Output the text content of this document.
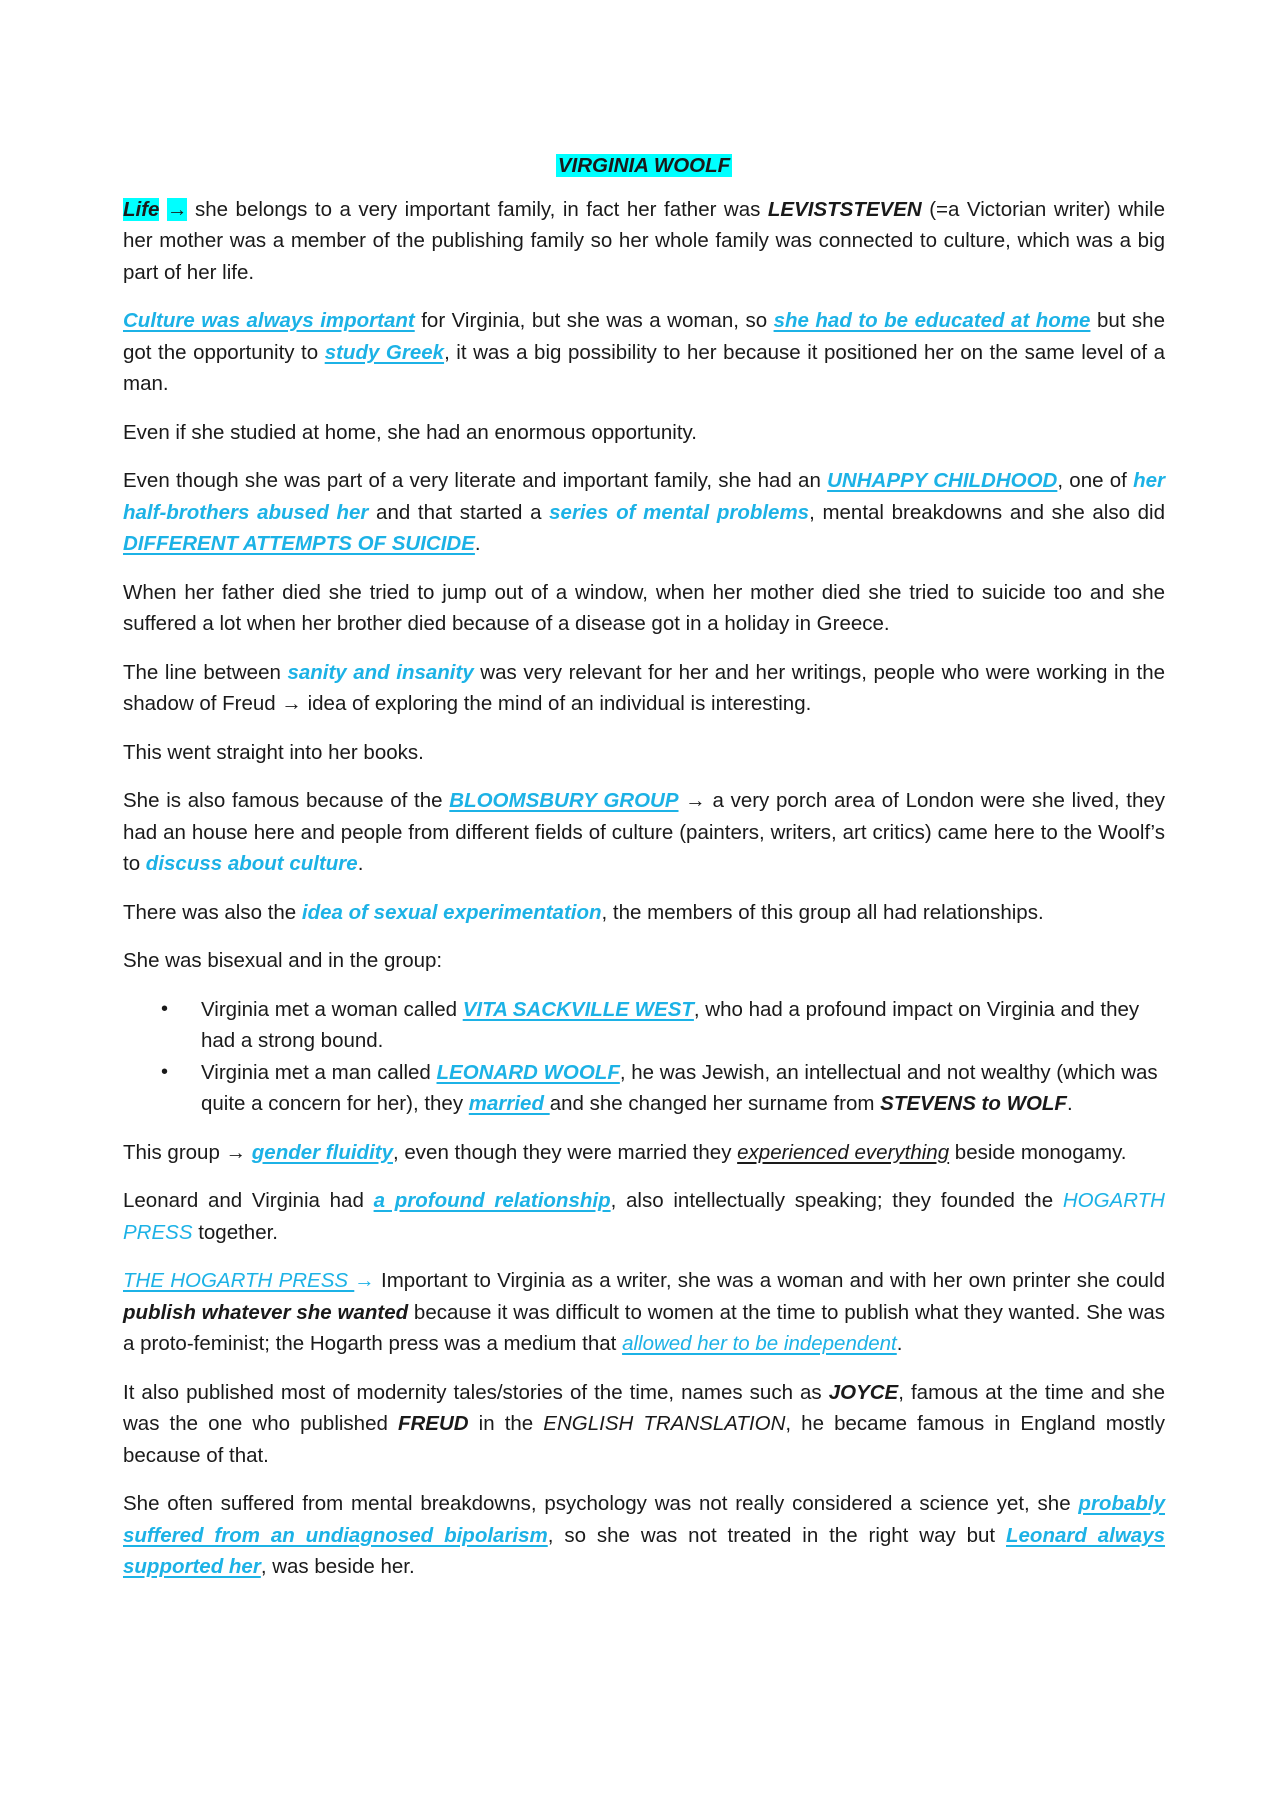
VIRGINIA WOOLF

Life → she belongs to a very important family, in fact her father was LEVISTSTEVEN (=a Victorian writer) while her mother was a member of the publishing family so her whole family was connected to culture, which was a big part of her life.

Culture was always important for Virginia, but she was a woman, so she had to be educated at home but she got the opportunity to study Greek, it was a big possibility to her because it positioned her on the same level of a man.

Even if she studied at home, she had an enormous opportunity.

Even though she was part of a very literate and important family, she had an UNHAPPY CHILDHOOD, one of her half-brothers abused her and that started a series of mental problems, mental breakdowns and she also did DIFFERENT ATTEMPTS OF SUICIDE.

When her father died she tried to jump out of a window, when her mother died she tried to suicide too and she suffered a lot when her brother died because of a disease got in a holiday in Greece.

The line between sanity and insanity was very relevant for her and her writings, people who were working in the shadow of Freud → idea of exploring the mind of an individual is interesting.

This went straight into her books.

She is also famous because of the BLOOMSBURY GROUP → a very porch area of London were she lived, they had an house here and people from different fields of culture (painters, writers, art critics) came here to the Woolf’s to discuss about culture.

There was also the idea of sexual experimentation, the members of this group all had relationships.

She was bisexual and in the group:

• Virginia met a woman called VITA SACKVILLE WEST, who had a profound impact on Virginia and they had a strong bound.
• Virginia met a man called LEONARD WOOLF, he was Jewish, an intellectual and not wealthy (which was quite a concern for her), they married and she changed her surname from STEVENS to WOLF.

This group → gender fluidity, even though they were married they experienced everything beside monogamy.

Leonard and Virginia had a profound relationship, also intellectually speaking; they founded the HOGARTH PRESS together.

THE HOGARTH PRESS → Important to Virginia as a writer, she was a woman and with her own printer she could publish whatever she wanted because it was difficult to women at the time to publish what they wanted. She was a proto-feminist; the Hogarth press was a medium that allowed her to be independent.

It also published most of modernity tales/stories of the time, names such as JOYCE, famous at the time and she was the one who published FREUD in the ENGLISH TRANSLATION, he became famous in England mostly because of that.

She often suffered from mental breakdowns, psychology was not really considered a science yet, she probably suffered from an undiagnosed bipolarism, so she was not treated in the right way but Leonard always supported her, was beside her.
